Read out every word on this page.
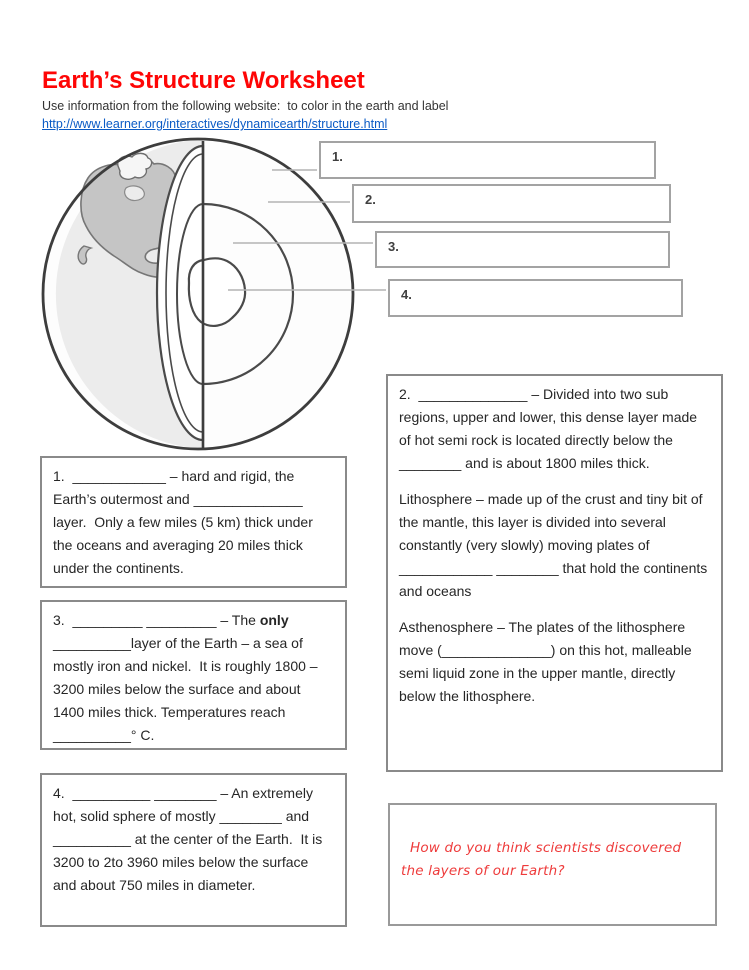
Earth’s Structure Worksheet
Use information from the following website:  to color in the earth and label
http://www.learner.org/interactives/dynamicearth/structure.html
1.
2.
3.
4.
1.  ____________ – hard and rigid, the Earth’s outermost and ______________ layer.  Only a few miles (5 km) thick under the oceans and averaging 20 miles thick under the continents.
3.  _________ _________ – The only __________layer of the Earth – a sea of mostly iron and nickel.  It is roughly 1800 – 3200 miles below the surface and about 1400 miles thick. Temperatures reach __________° C.
4.  __________ ________ – An extremely hot, solid sphere of mostly ________ and __________ at the center of the Earth.  It is 3200 to 2to 3960 miles below the surface and about 750 miles in diameter.

2.  ______________ – Divided into two sub regions, upper and lower, this dense layer made of hot semi rock is located directly below the ________ and is about 1800 miles thick.

Lithosphere – made up of the crust and tiny bit of the mantle, this layer is divided into several constantly (very slowly) moving plates of ____________ ________ that hold the continents and oceans

Asthenosphere – The plates of the lithosphere move (______________) on this hot, malleable semi liquid zone in the upper mantle, directly below the lithosphere.

How do you think scientists discovered the layers of our Earth?
